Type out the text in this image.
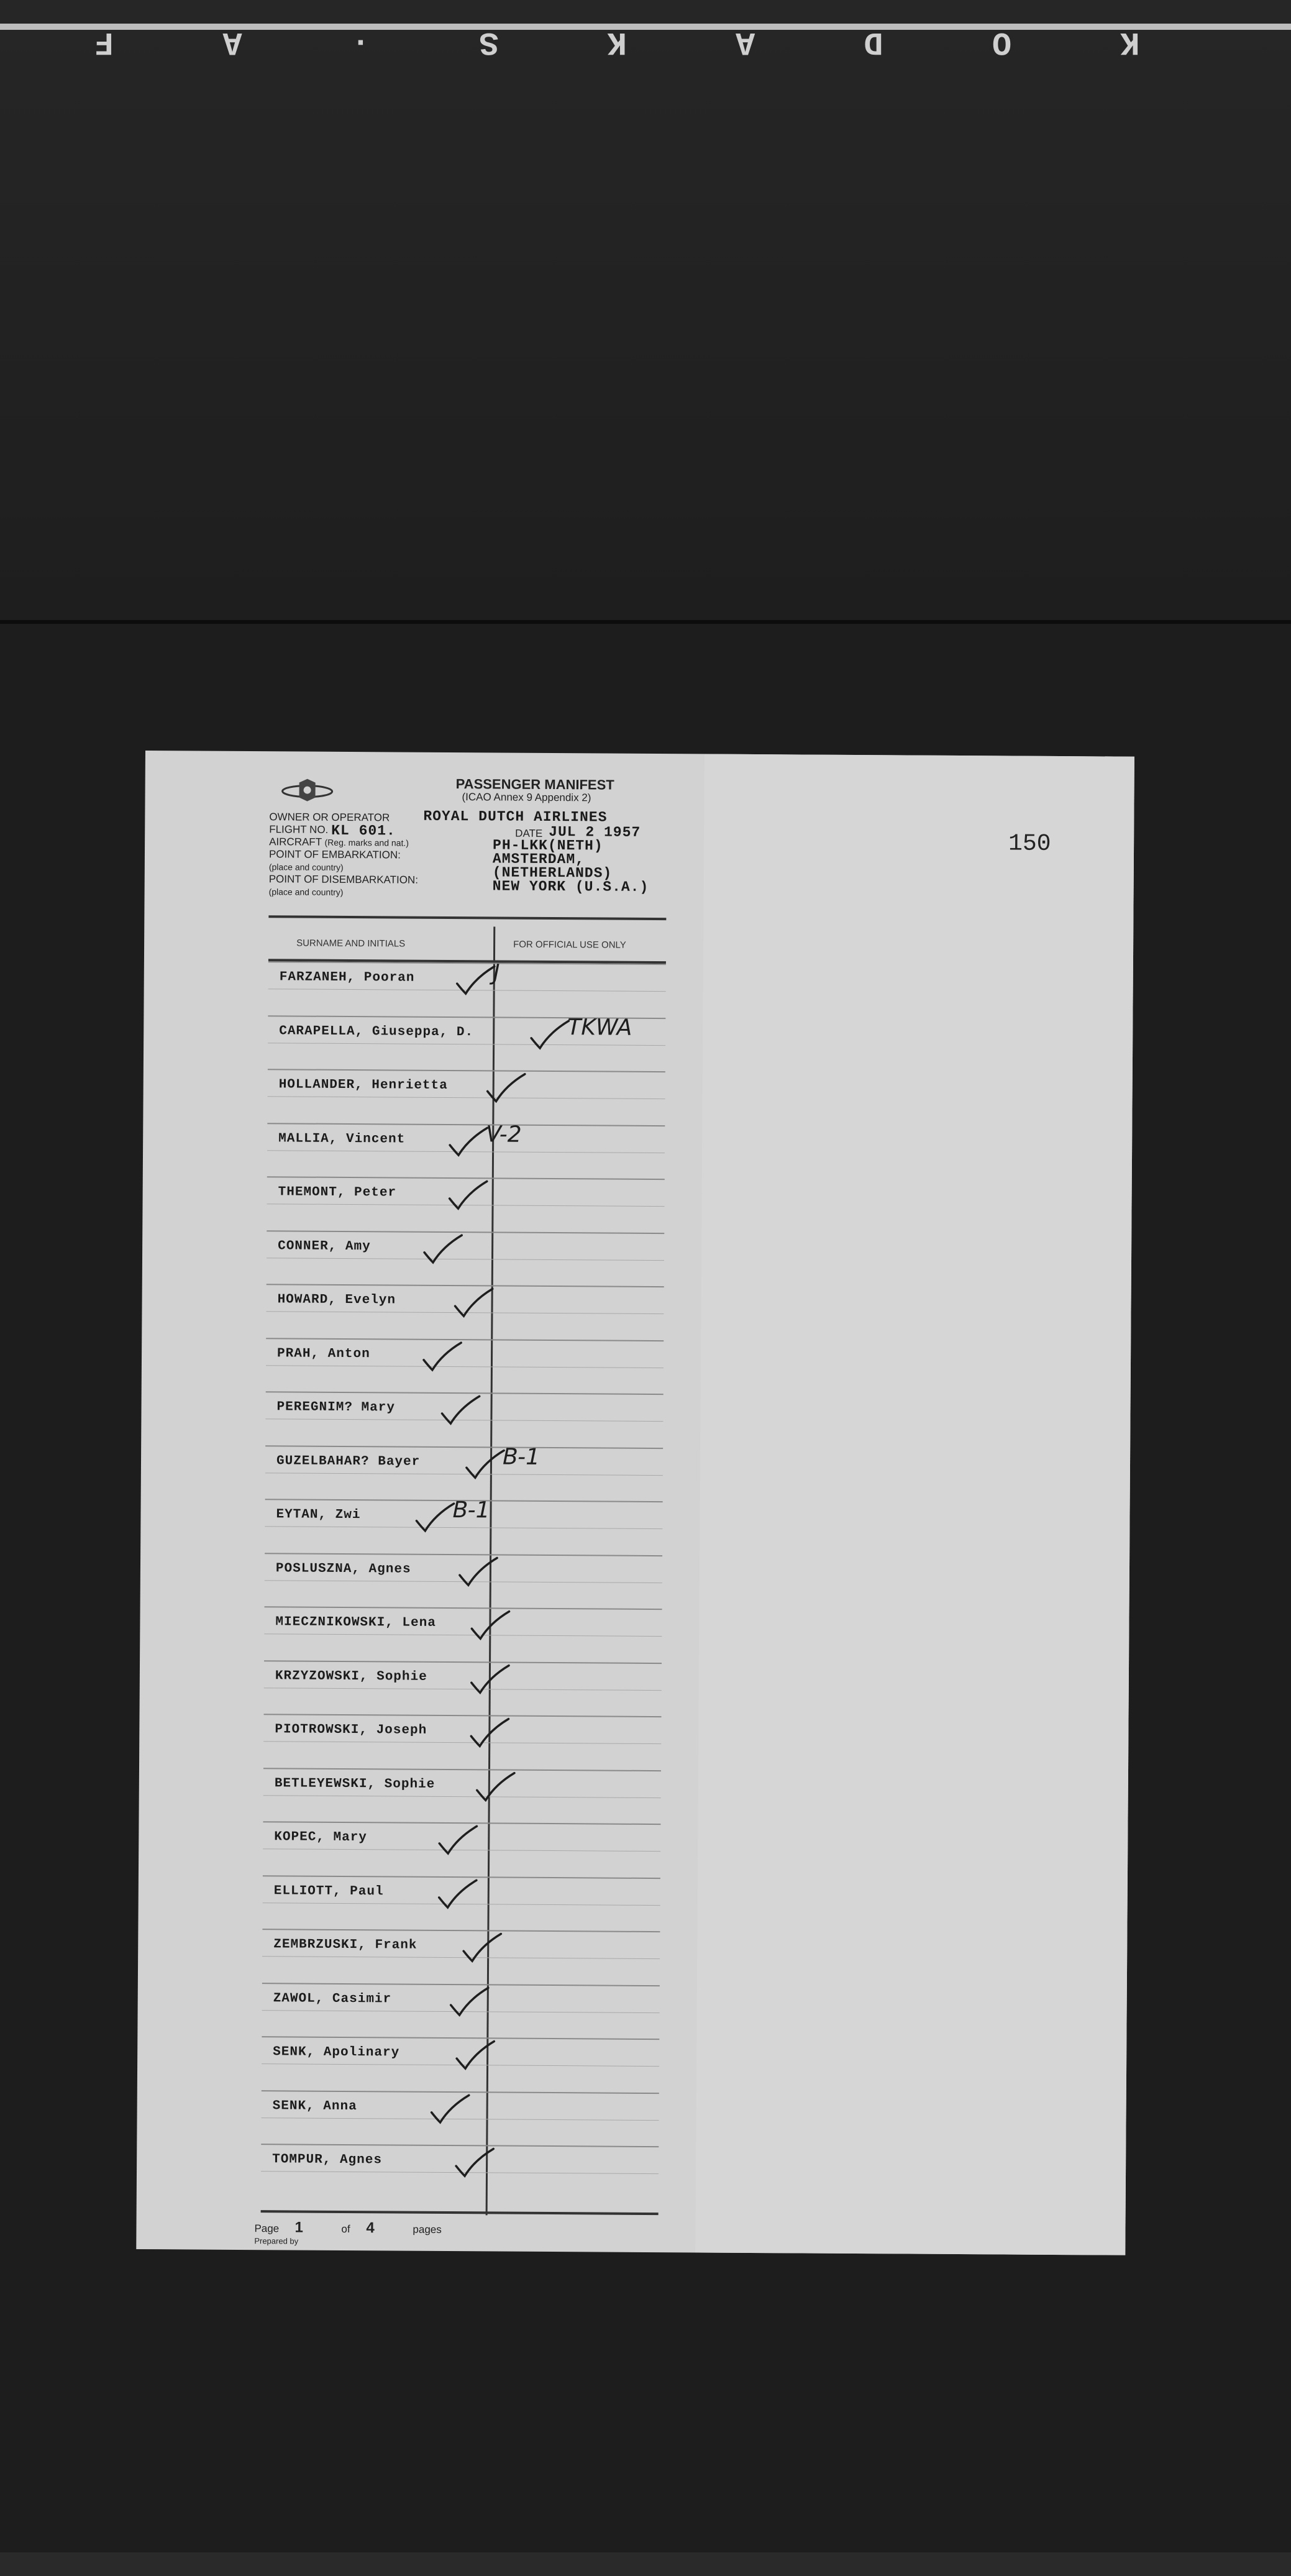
K O D A K S · A F
150
PASSENGER MANIFEST
(ICAO Annex 9 Appendix 2)
OWNER OR OPERATOR ROYAL DUTCH AIRLINES
FLIGHT NO. KL 601.	DATE JUL 2 1957
AIRCRAFT (Reg. marks and nat.)	PH-LKK(NETH)
POINT OF EMBARKATION:
(place and country)	AMSTERDAM,
(NETHERLANDS)
POINT OF DISEMBARKATION:
(place and country)	NEW YORK (U.S.A.)
SURNAME AND INITIALS	FOR OFFICIAL USE ONLY
FARZANEH, Pooran	J
CARAPELLA, Giuseppa, D.	TKWA
HOLLANDER, Henrietta
MALLIA, Vincent	V-2
THEMONT, Peter
CONNER, Amy
HOWARD, Evelyn
PRAH, Anton
PEREGNIM? Mary
GUZELBAHAR? Bayer	B-1
EYTAN, Zwi	B-1
POSLUSZNA, Agnes
MIECZNIKOWSKI, Lena
KRZYZOWSKI, Sophie
PIOTROWSKI, Joseph
BETLEYEWSKI, Sophie
KOPEC, Mary
ELLIOTT, Paul
ZEMBRZUSKI, Frank
ZAWOL, Casimir
SENK, Apolinary
SENK, Anna
TOMPUR, Agnes
Page 1	of 4	pages
Prepared by
